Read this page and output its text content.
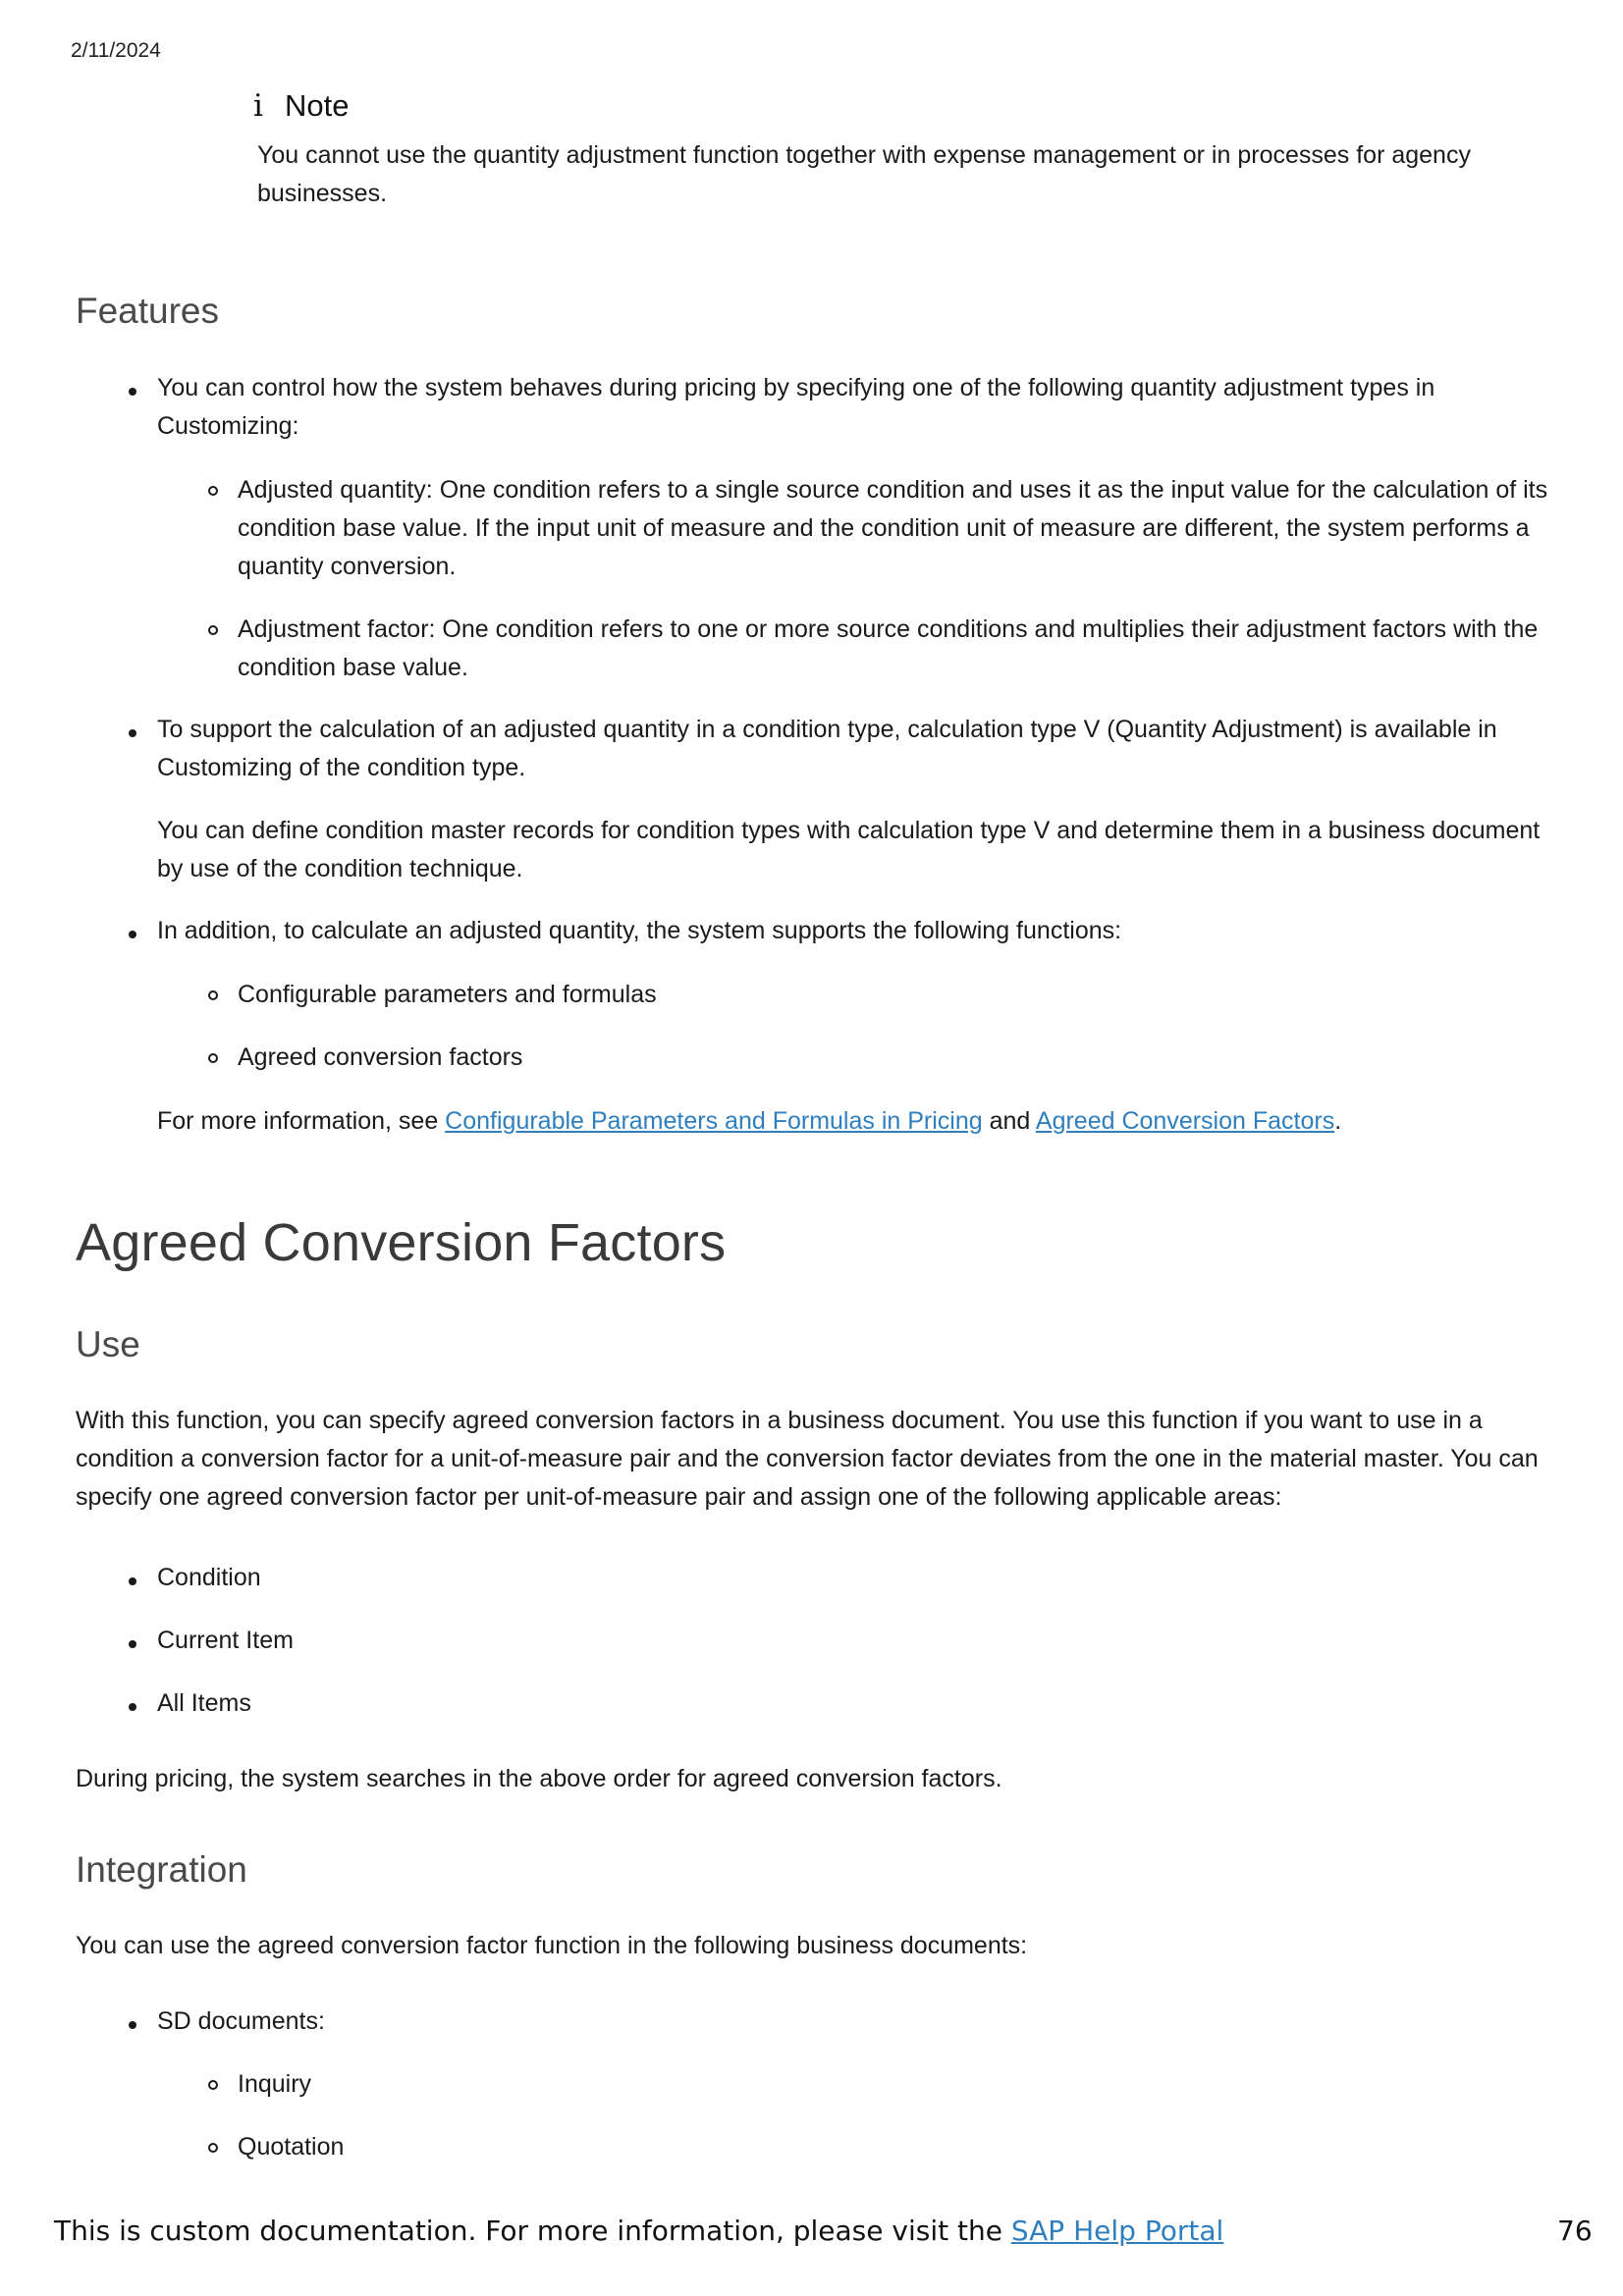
2/11/2024
i Note
You cannot use the quantity adjustment function together with expense management or in processes for agency businesses.
Features
You can control how the system behaves during pricing by specifying one of the following quantity adjustment types in Customizing:
Adjusted quantity: One condition refers to a single source condition and uses it as the input value for the calculation of its condition base value. If the input unit of measure and the condition unit of measure are different, the system performs a quantity conversion.
Adjustment factor: One condition refers to one or more source conditions and multiplies their adjustment factors with the condition base value.
To support the calculation of an adjusted quantity in a condition type, calculation type V (Quantity Adjustment) is available in Customizing of the condition type.
You can define condition master records for condition types with calculation type V and determine them in a business document by use of the condition technique.
In addition, to calculate an adjusted quantity, the system supports the following functions:
Configurable parameters and formulas
Agreed conversion factors
For more information, see Configurable Parameters and Formulas in Pricing and Agreed Conversion Factors.
Agreed Conversion Factors
Use
With this function, you can specify agreed conversion factors in a business document. You use this function if you want to use in a condition a conversion factor for a unit-of-measure pair and the conversion factor deviates from the one in the material master. You can specify one agreed conversion factor per unit-of-measure pair and assign one of the following applicable areas:
Condition
Current Item
All Items
During pricing, the system searches in the above order for agreed conversion factors.
Integration
You can use the agreed conversion factor function in the following business documents:
SD documents:
Inquiry
Quotation
This is custom documentation. For more information, please visit the SAP Help Portal	76
